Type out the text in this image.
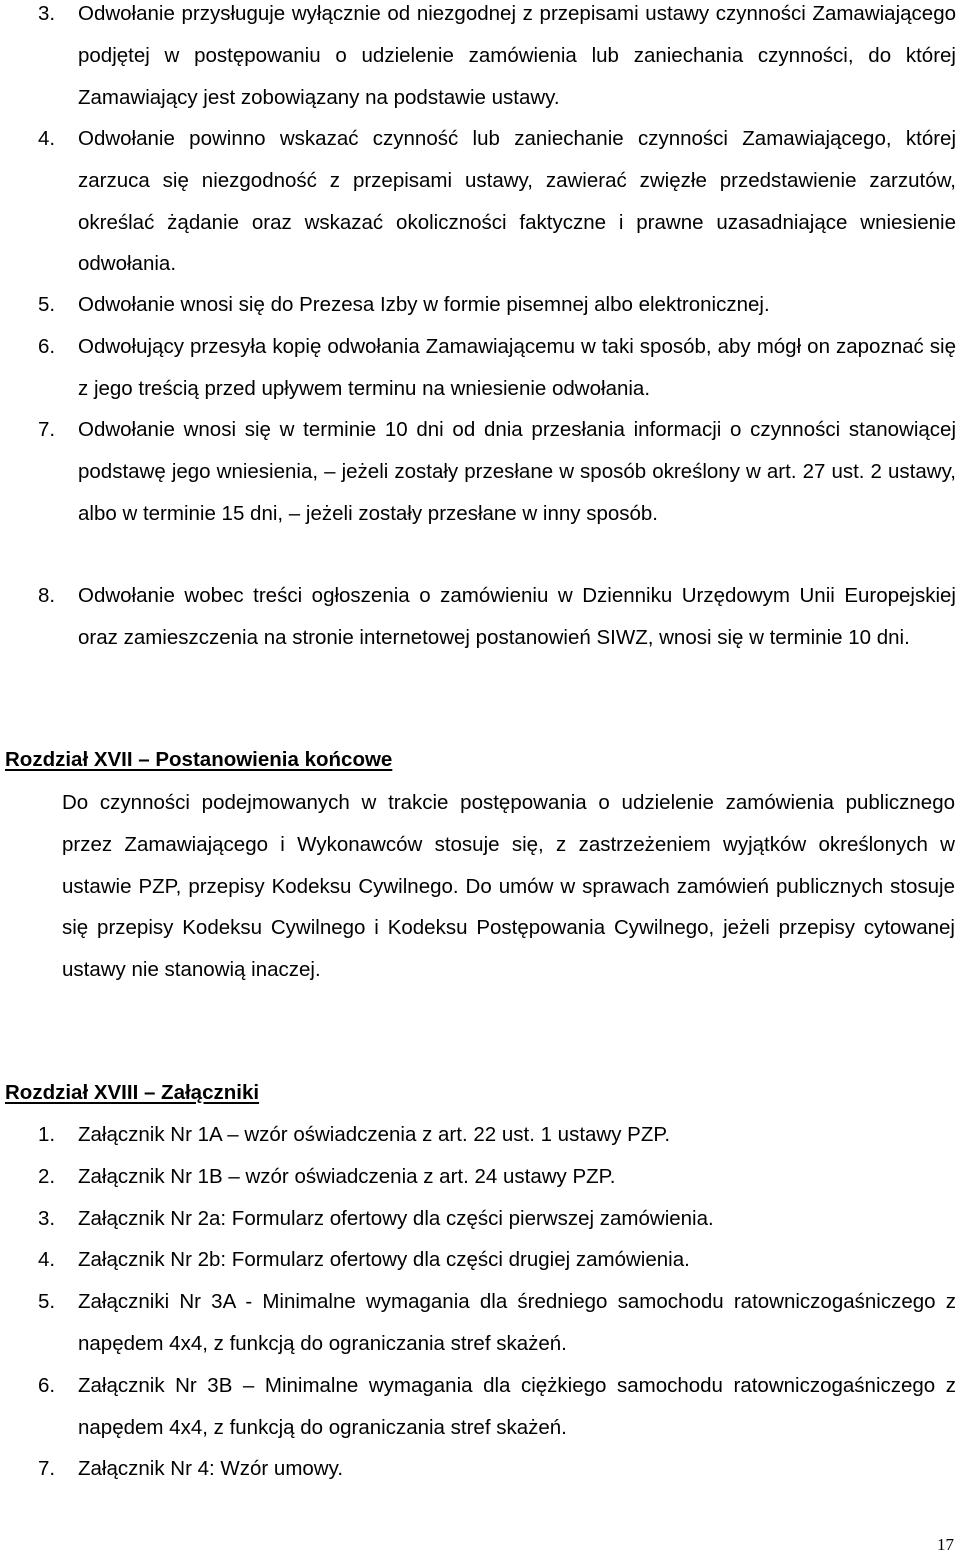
3. Odwołanie przysługuje wyłącznie od niezgodnej z przepisami ustawy czynności Zamawiającego podjętej w postępowaniu o udzielenie zamówienia lub zaniechania czynności, do której Zamawiający jest zobowiązany na podstawie ustawy.
4. Odwołanie powinno wskazać czynność lub zaniechanie czynności Zamawiającego, której zarzuca się niezgodność z przepisami ustawy, zawierać zwięzłe przedstawienie zarzutów, określać żądanie oraz wskazać okoliczności faktyczne i prawne uzasadniające wniesienie odwołania.
5. Odwołanie wnosi się do Prezesa Izby w formie pisemnej albo elektronicznej.
6. Odwołujący przesyła kopię odwołania Zamawiającemu w taki sposób, aby mógł on zapoznać się z jego treścią przed upływem terminu na wniesienie odwołania.
7. Odwołanie wnosi się w terminie 10 dni od dnia przesłania informacji o czynności stanowiącej podstawę jego wniesienia, – jeżeli zostały przesłane w sposób określony w art. 27 ust. 2 ustawy, albo w terminie 15 dni, – jeżeli zostały przesłane w inny sposób.
8. Odwołanie wobec treści ogłoszenia o zamówieniu w Dzienniku Urzędowym Unii Europejskiej oraz zamieszczenia na stronie internetowej postanowień SIWZ, wnosi się w terminie 10 dni.
Rozdział XVII – Postanowienia końcowe
Do czynności podejmowanych w trakcie postępowania o udzielenie zamówienia publicznego przez Zamawiającego i Wykonawców stosuje się, z zastrzeżeniem wyjątków określonych w ustawie PZP, przepisy Kodeksu Cywilnego. Do umów w sprawach zamówień publicznych stosuje się przepisy Kodeksu Cywilnego i Kodeksu Postępowania Cywilnego, jeżeli przepisy cytowanej ustawy nie stanowią inaczej.
Rozdział XVIII – Załączniki
1. Załącznik Nr 1A – wzór oświadczenia z art. 22 ust. 1 ustawy PZP.
2. Załącznik Nr 1B – wzór oświadczenia z art. 24 ustawy PZP.
3. Załącznik Nr 2a: Formularz ofertowy dla części pierwszej zamówienia.
4. Załącznik Nr 2b: Formularz ofertowy dla części drugiej zamówienia.
5. Załączniki Nr 3A - Minimalne wymagania dla średniego samochodu ratowniczogaśniczego z napędem 4x4, z funkcją do ograniczania stref skażeń.
6. Załącznik Nr 3B – Minimalne wymagania dla ciężkiego samochodu ratowniczogaśniczego z napędem 4x4, z funkcją do ograniczania stref skażeń.
7. Załącznik Nr 4: Wzór umowy.
17
